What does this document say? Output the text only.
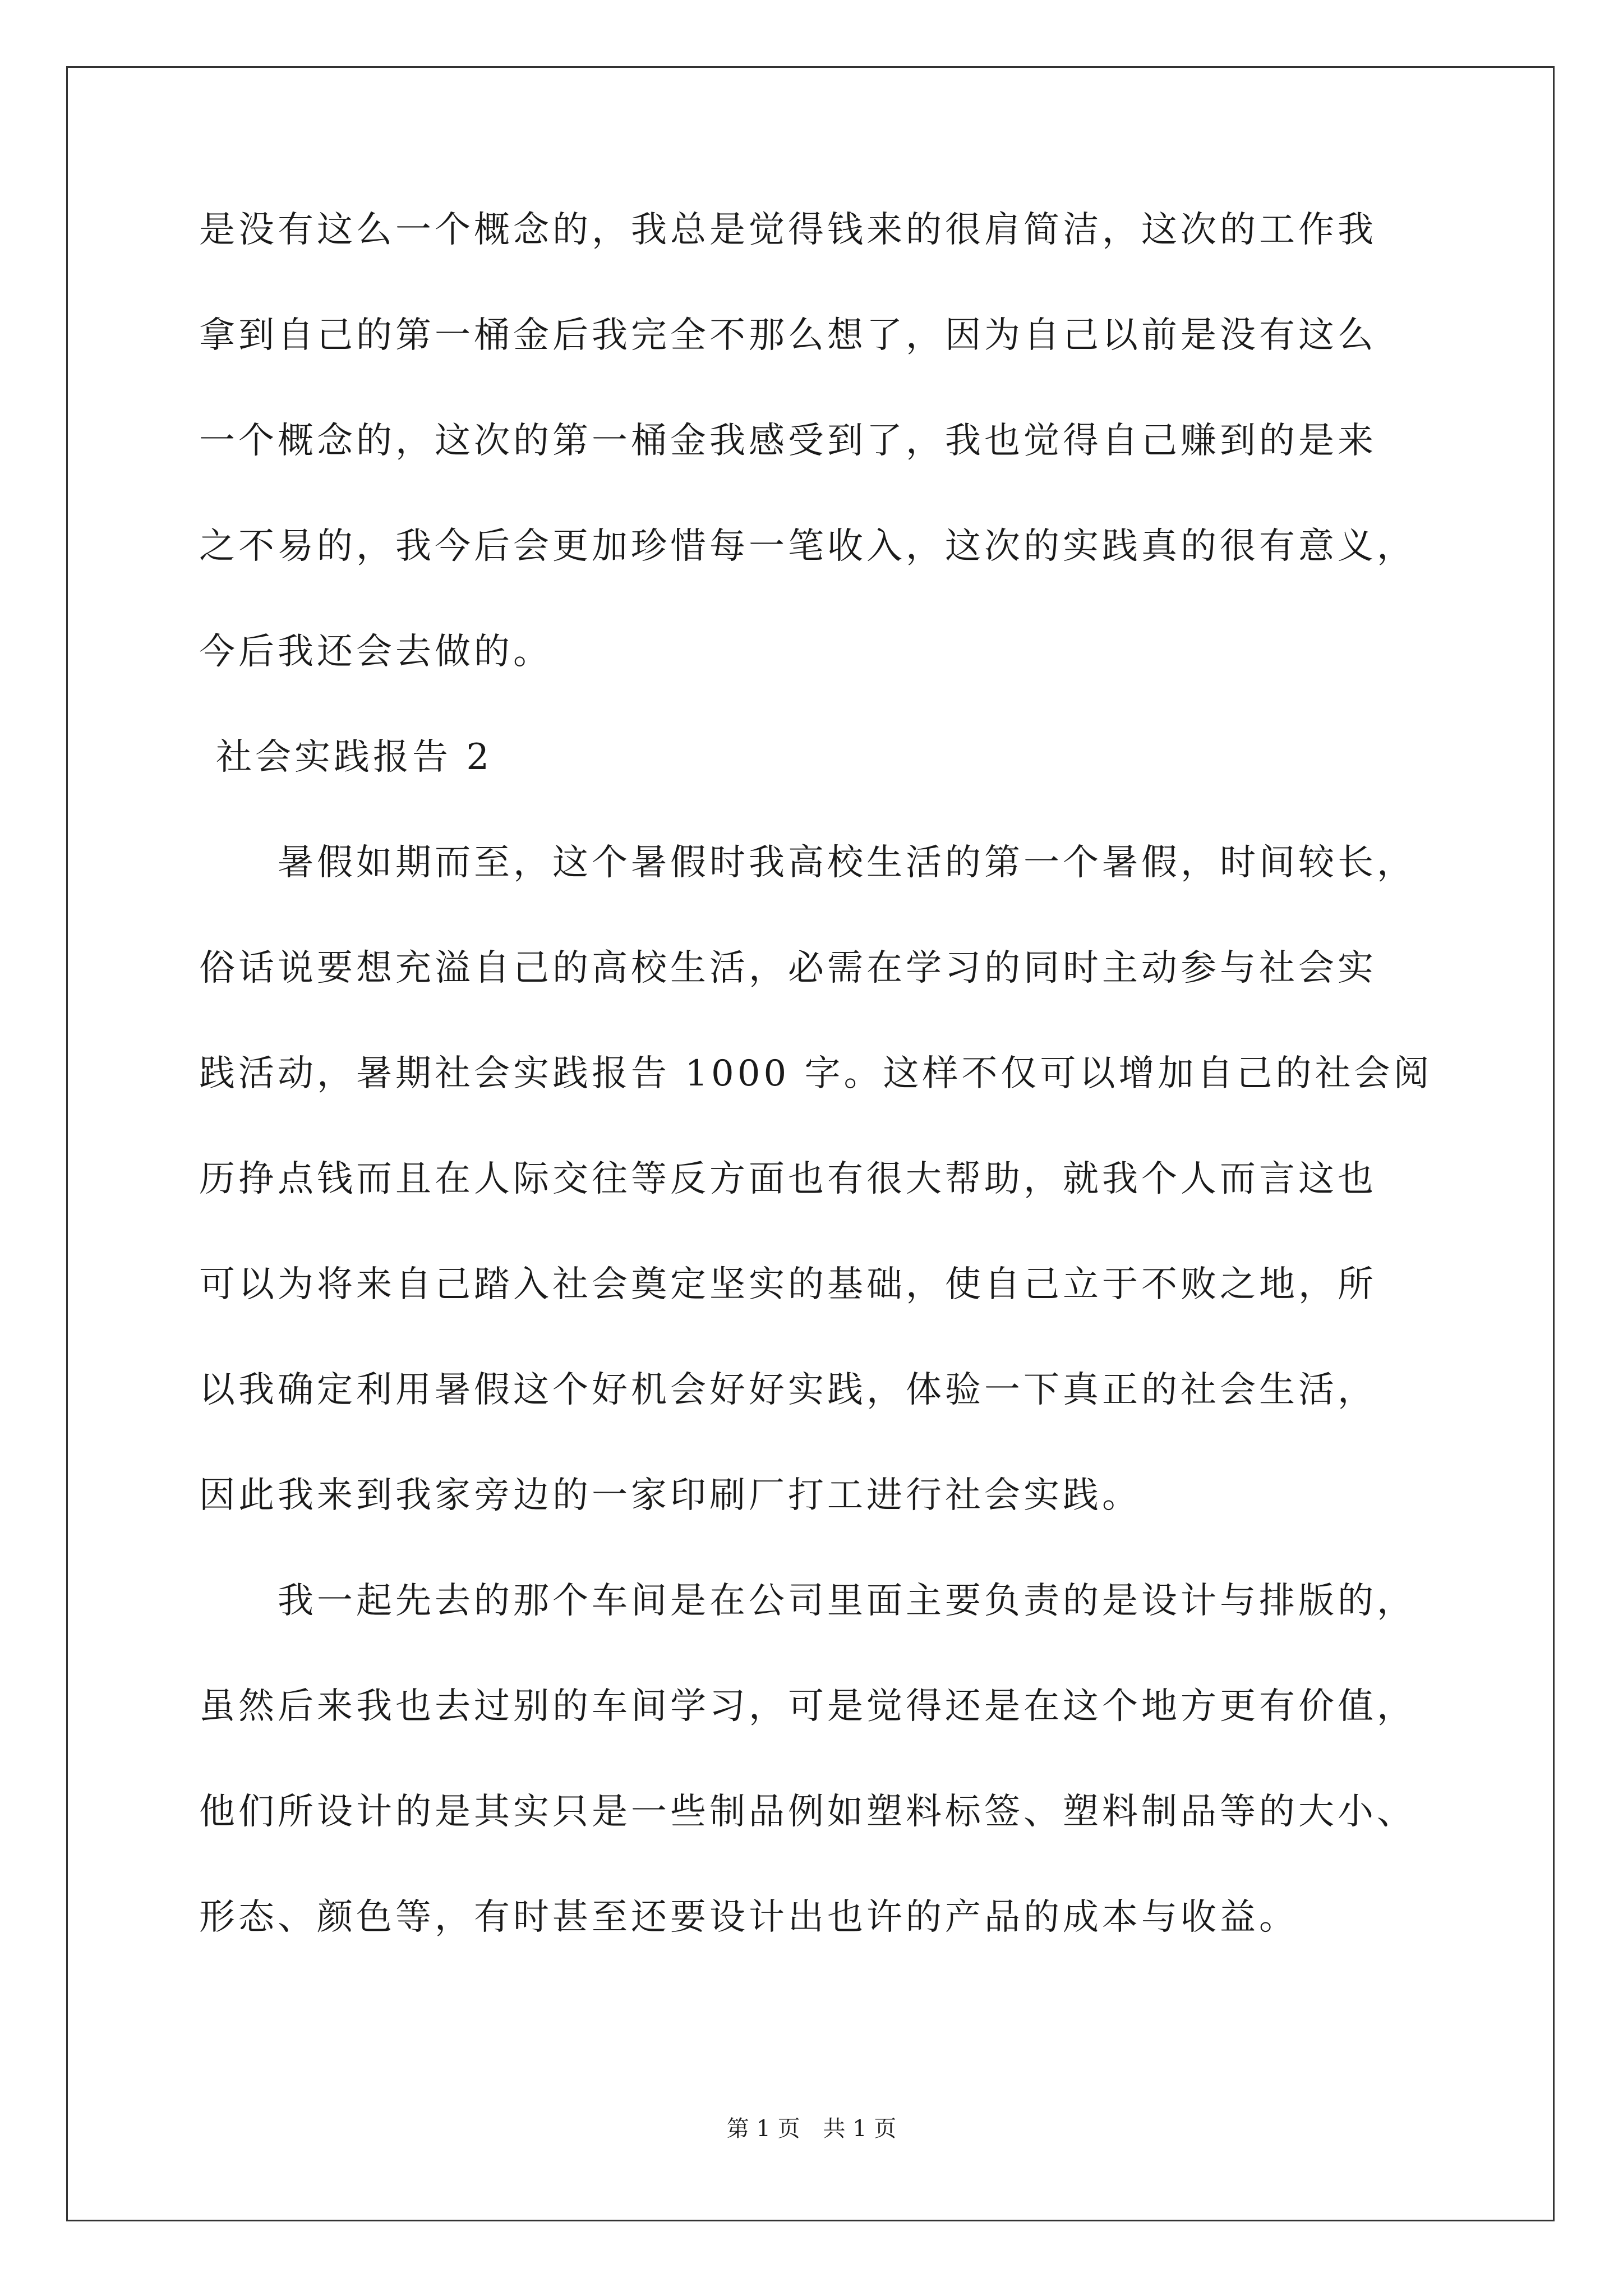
是没有这么一个概念的，我总是觉得钱来的很肩简洁，这次的工作我
拿到自己的第一桶金后我完全不那么想了，因为自己以前是没有这么
一个概念的，这次的第一桶金我感受到了，我也觉得自己赚到的是来
之不易的，我今后会更加珍惜每一笔收入，这次的实践真的很有意义，
今后我还会去做的。
社会实践报告 2
暑假如期而至，这个暑假时我高校生活的第一个暑假，时间较长，
俗话说要想充溢自己的高校生活，必需在学习的同时主动参与社会实
践活动，暑期社会实践报告 1000 字。这样不仅可以增加自己的社会阅
历挣点钱而且在人际交往等反方面也有很大帮助，就我个人而言这也
可以为将来自己踏入社会奠定坚实的基础，使自己立于不败之地，所
以我确定利用暑假这个好机会好好实践，体验一下真正的社会生活，
因此我来到我家旁边的一家印刷厂打工进行社会实践。
我一起先去的那个车间是在公司里面主要负责的是设计与排版的，
虽然后来我也去过别的车间学习，可是觉得还是在这个地方更有价值，
他们所设计的是其实只是一些制品例如塑料标签、塑料制品等的大小、
形态、颜色等，有时甚至还要设计出也许的产品的成本与收益。
第 1 页 共 1 页
